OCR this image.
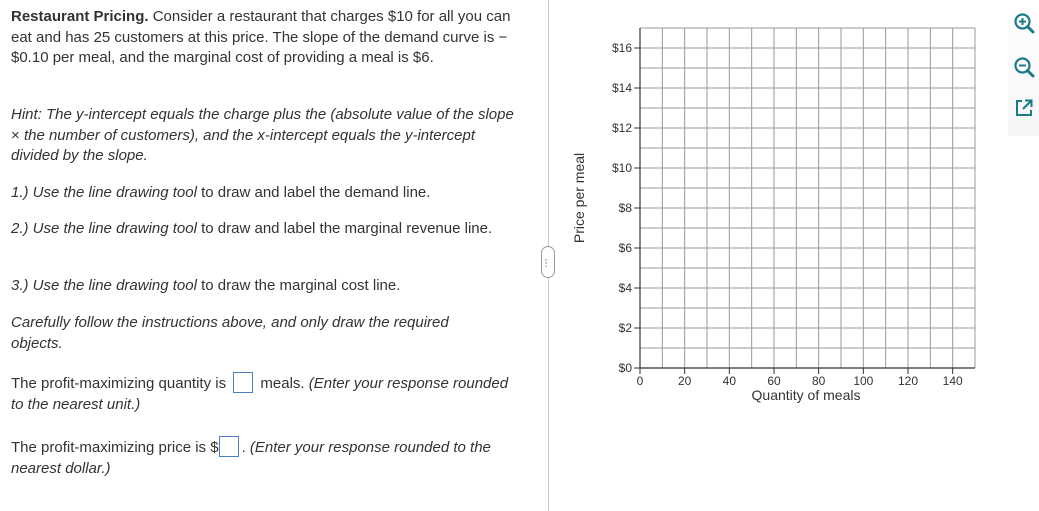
Restaurant Pricing. Consider a restaurant that charges $10 for all you can eat and has 25 customers at this price. The slope of the demand curve is −$0.10 per meal, and the marginal cost of providing a meal is $6.
Hint: The y-intercept equals the charge plus the (absolute value of the slope × the number of customers), and the x-intercept equals the y-intercept divided by the slope.
1.) Use the line drawing tool to draw and label the demand line.
2.) Use the line drawing tool to draw and label the marginal revenue line.
3.) Use the line drawing tool to draw the marginal cost line.
Carefully follow the instructions above, and only draw the required objects.
The profit-maximizing quantity is meals. (Enter your response rounded to the nearest unit.)
The profit-maximizing price is $ . (Enter your response rounded to the nearest dollar.)
…
Price per meal
Quantity of meals
$0
$2
$4
$6
$8
$10
$12
$14
$16
0	20	40	60	80 100 120 140
